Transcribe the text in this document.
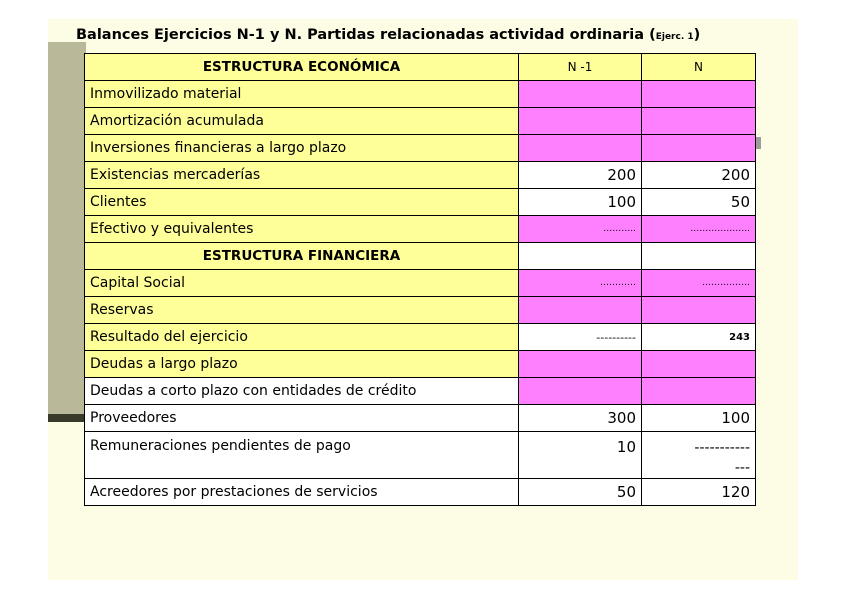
Balances Ejercicios N-1 y N. Partidas relacionadas actividad ordinaria (Ejerc. 1)
ESTRUCTURA ECONÓMICA	N -1	N
Inmovilizado material		
Amortización acumulada		
Inversiones financieras a largo plazo		
Existencias mercaderías	200	200
Clientes	100	50
Efectivo y equivalentes	………..	………………..
ESTRUCTURA FINANCIERA		
Capital Social	…………	…………….
Reservas		
Resultado del ejercicio	----------	243
Deudas a largo plazo		
Deudas a corto plazo con entidades de crédito		
Proveedores	300	100
Remuneraciones pendientes de pago	10	-----------
---

Acreedores por prestaciones de servicios	50	120
